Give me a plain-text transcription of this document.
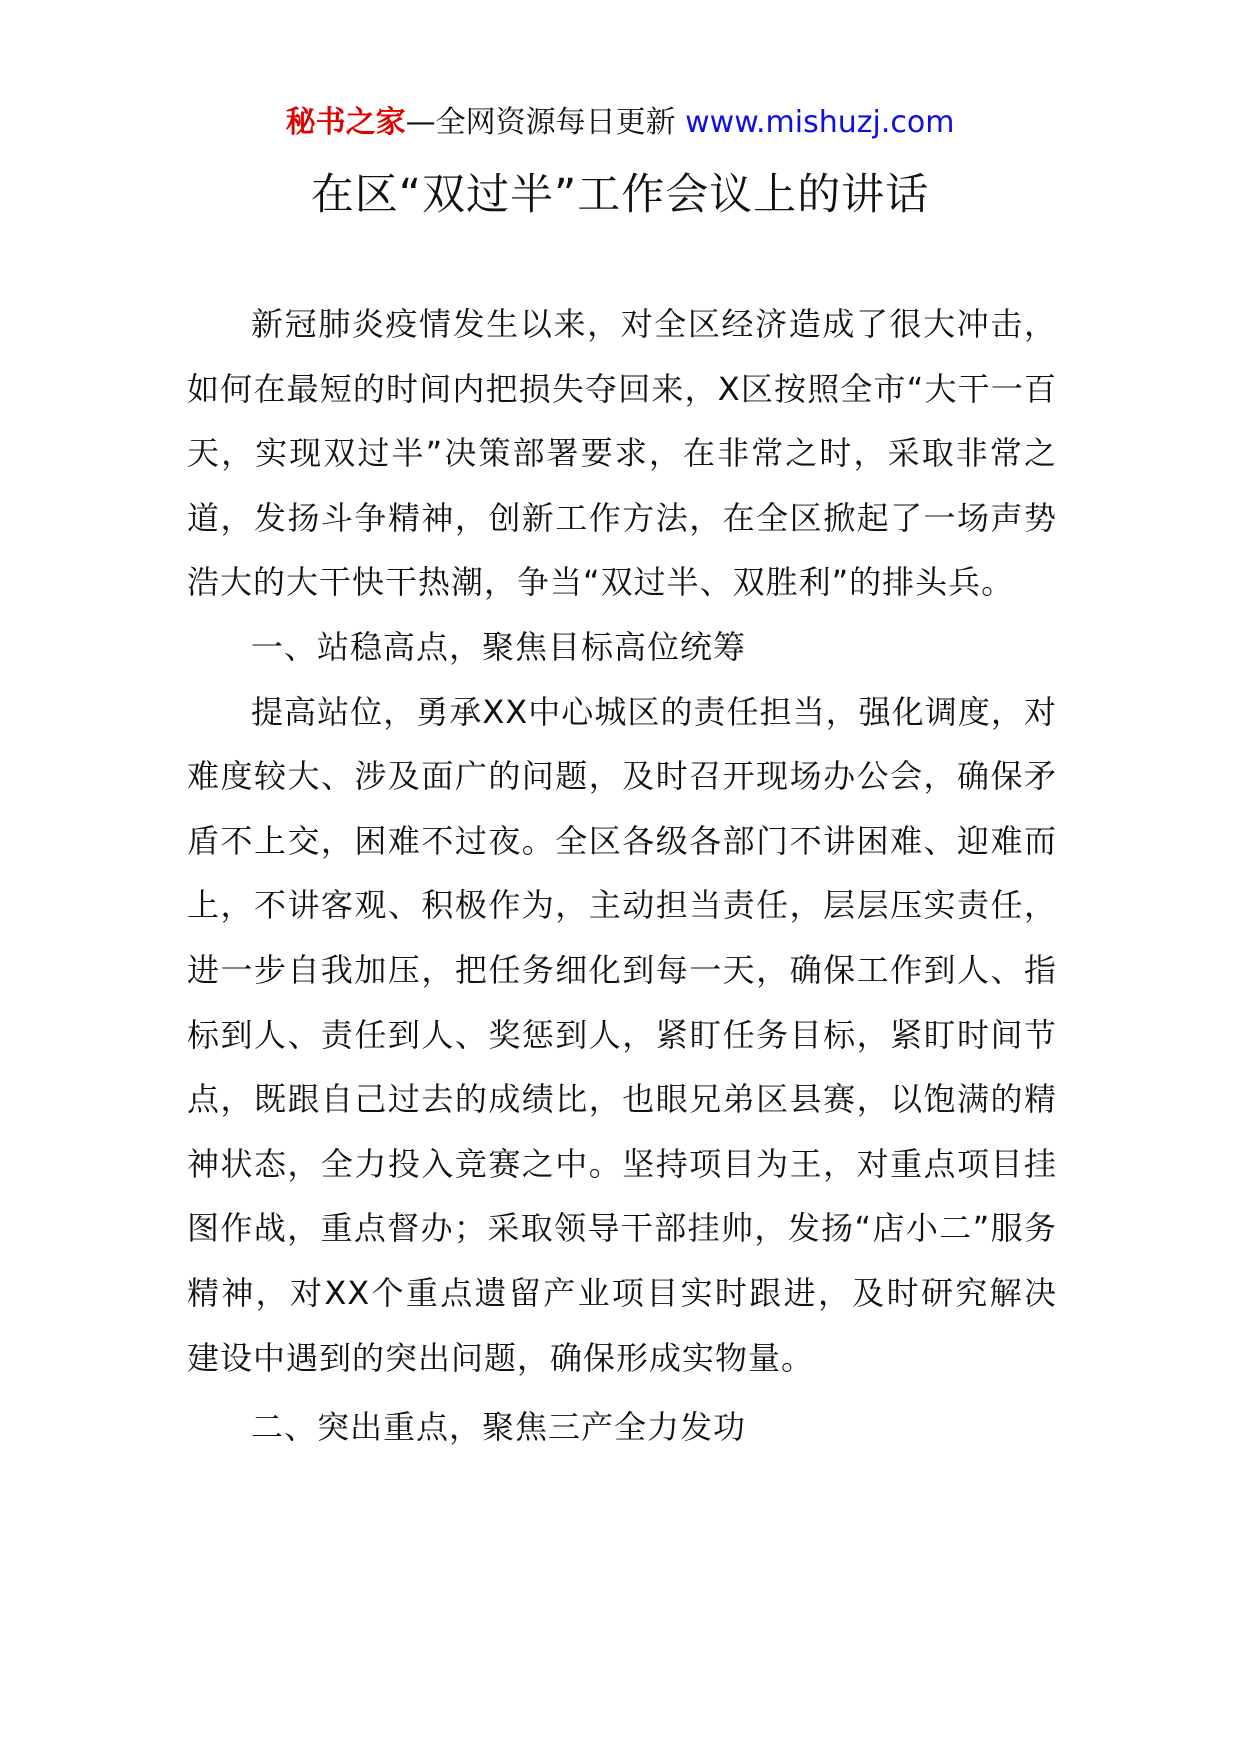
秘书之家—全网资源每日更新 www.mishuzj.com
在区“双过半”工作会议上的讲话

新冠肺炎疫情发生以来，对全区经济造成了很大冲击，如何在最短的时间内把损失夺回来，X区按照全市“大干一百天，实现双过半”决策部署要求，在非常之时，采取非常之道，发扬斗争精神，创新工作方法，在全区掀起了一场声势浩大的大干快干热潮，争当“双过半、双胜利”的排头兵。

一、站稳高点，聚焦目标高位统筹

提高站位，勇承XX中心城区的责任担当，强化调度，对难度较大、涉及面广的问题，及时召开现场办公会，确保矛盾不上交，困难不过夜。全区各级各部门不讲困难、迎难而上，不讲客观、积极作为，主动担当责任，层层压实责任，进一步自我加压，把任务细化到每一天，确保工作到人、指标到人、责任到人、奖惩到人，紧盯任务目标，紧盯时间节点，既跟自己过去的成绩比，也眼兄弟区县赛，以饱满的精神状态，全力投入竞赛之中。坚持项目为王，对重点项目挂图作战，重点督办；采取领导干部挂帅，发扬“店小二”服务精神，对XX个重点遗留产业项目实时跟进，及时研究解决建设中遇到的突出问题，确保形成实物量。

二、突出重点，聚焦三产全力发功
